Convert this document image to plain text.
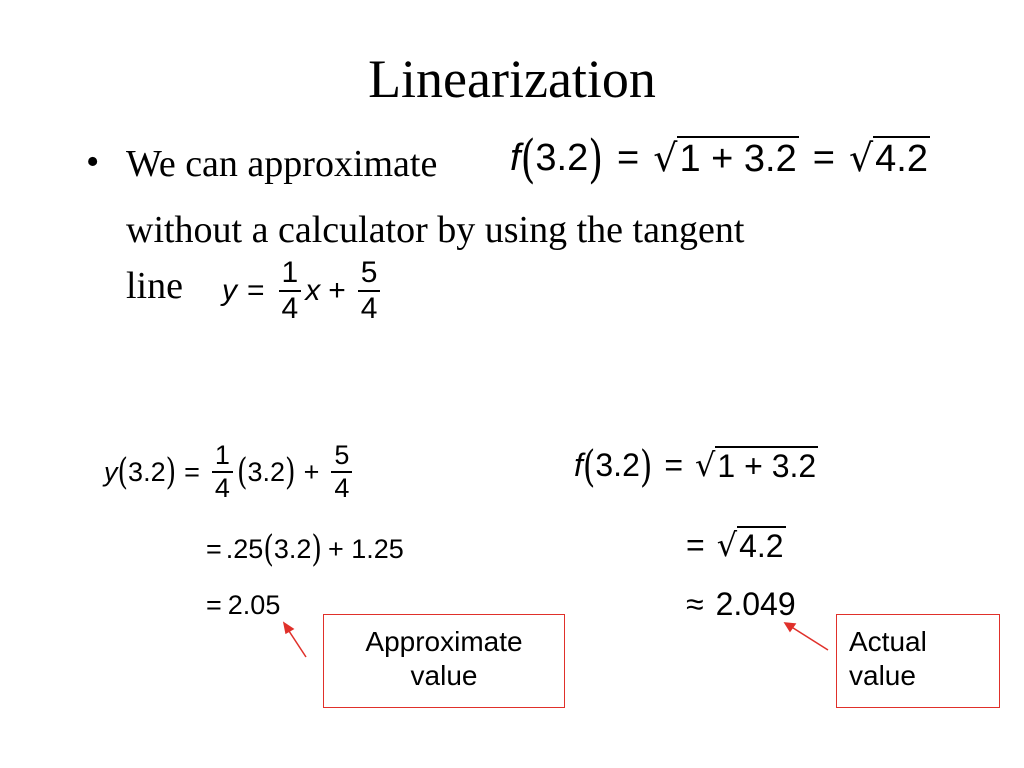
Linearization
• We can approximate f ( 3.2 ) = √ 1 + 3.2 = √ 4.2
without a calculator by using the tangent
line $y = \frac{1}{4}$ $x + \frac{5}{4}$
y ( 3.2 ) = $\frac{1}{4}$ ( 3.2 ) + $\frac{5}{4}$
= .25 ( 3.2 ) + 1.25
= 2.05
f ( 3.2 ) = √ 1 + 3.2
= √ 4.2
≈ 2.049
Approximate
value
Actual
value
